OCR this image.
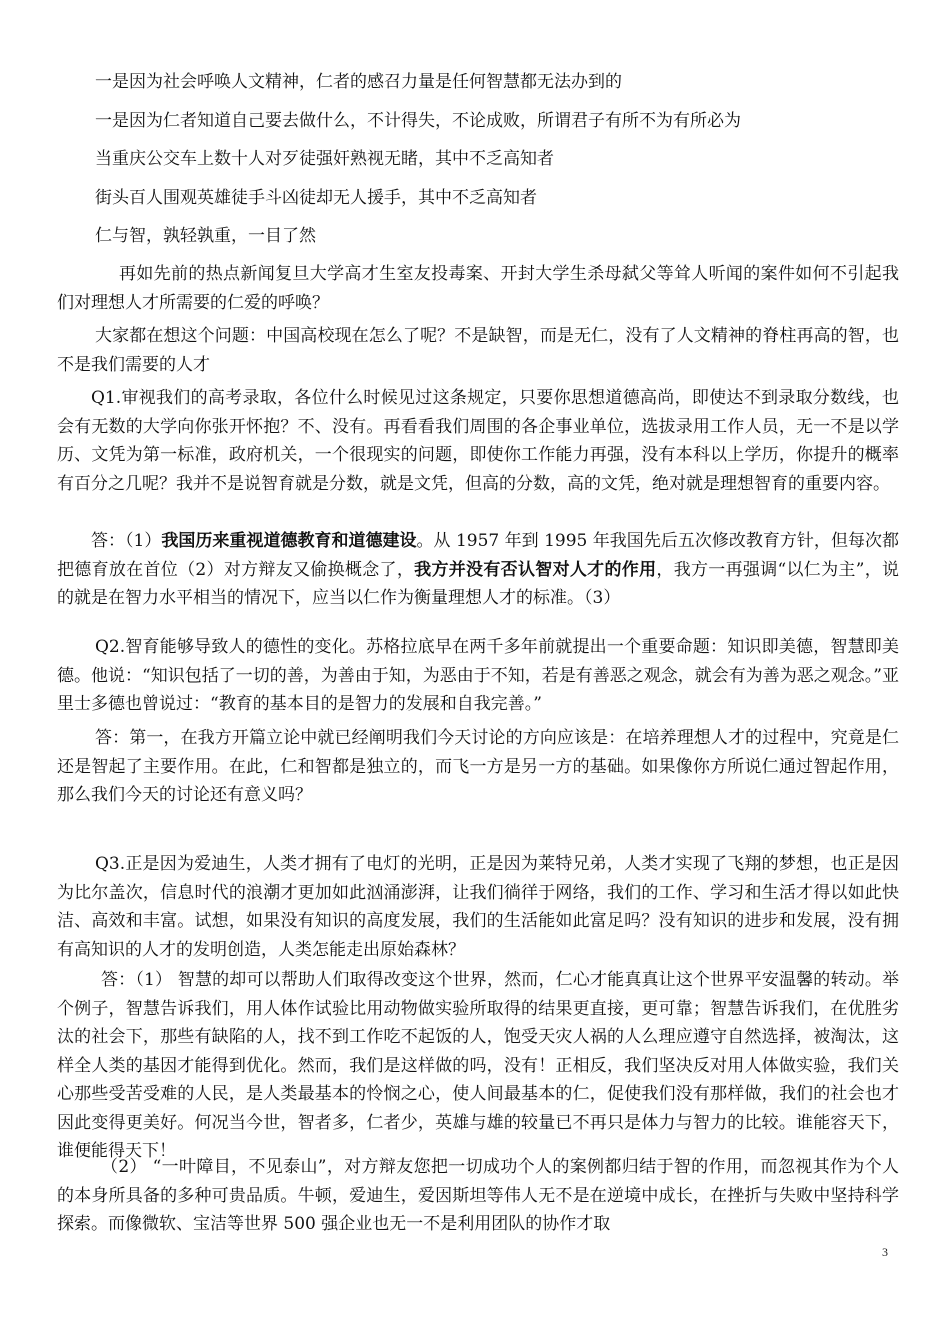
一是因为社会呼唤人文精神，仁者的感召力量是任何智慧都无法办到的

一是因为仁者知道自己要去做什么，不计得失，不论成败，所谓君子有所不为有所必为

当重庆公交车上数十人对歹徒强奸熟视无睹，其中不乏高知者

街头百人围观英雄徒手斗凶徒却无人援手，其中不乏高知者

仁与智，孰轻孰重，一目了然

再如先前的热点新闻复旦大学高才生室友投毒案、开封大学生杀母弑父等耸人听闻的案件如何不引起我们对理想人才所需要的仁爱的呼唤？

大家都在想这个问题：中国高校现在怎么了呢？不是缺智，而是无仁，没有了人文精神的脊柱再高的智，也不是我们需要的人才

Q1.审视我们的高考录取，各位什么时候见过这条规定，只要你思想道德高尚，即使达不到录取分数线，也会有无数的大学向你张开怀抱？不、没有。再看看我们周围的各企事业单位，选拔录用工作人员，无一不是以学历、文凭为第一标准，政府机关，一个很现实的问题，即使你工作能力再强，没有本科以上学历，你提升的概率有百分之几呢？我并不是说智育就是分数，就是文凭，但高的分数，高的文凭，绝对就是理想智育的重要内容。

答：（1）我国历来重视道德教育和道德建设。从 1957 年到 1995 年我国先后五次修改教育方针，但每次都把德育放在首位（2）对方辩友又偷换概念了，我方并没有否认智对人才的作用，我方一再强调“以仁为主”，说的就是在智力水平相当的情况下，应当以仁作为衡量理想人才的标准。（3）

Q2.智育能够导致人的德性的变化。苏格拉底早在两千多年前就提出一个重要命题：知识即美德，智慧即美德。他说：“知识包括了一切的善，为善由于知，为恶由于不知，若是有善恶之观念，就会有为善为恶之观念。”亚里士多德也曾说过：“教育的基本目的是智力的发展和自我完善。”

答：第一，在我方开篇立论中就已经阐明我们今天讨论的方向应该是：在培养理想人才的过程中，究竟是仁还是智起了主要作用。在此，仁和智都是独立的，而飞一方是另一方的基础。如果像你方所说仁通过智起作用，那么我们今天的讨论还有意义吗？

Q3.正是因为爱迪生，人类才拥有了电灯的光明，正是因为莱特兄弟，人类才实现了飞翔的梦想，也正是因为比尔盖次，信息时代的浪潮才更加如此汹涌澎湃，让我们徜徉于网络，我们的工作、学习和生活才得以如此快洁、高效和丰富。试想，如果没有知识的高度发展，我们的生活能如此富足吗？没有知识的进步和发展，没有拥有高知识的人才的发明创造，人类怎能走出原始森林？

答：（1） 智慧的却可以帮助人们取得改变这个世界，然而，仁心才能真真让这个世界平安温馨的转动。举个例子，智慧告诉我们，用人体作试验比用动物做实验所取得的结果更直接，更可靠；智慧告诉我们，在优胜劣汰的社会下，那些有缺陷的人，找不到工作吃不起饭的人，饱受天灾人祸的人么理应遵守自然选择，被淘汰，这样全人类的基因才能得到优化。然而，我们是这样做的吗，没有！正相反，我们坚决反对用人体做实验，我们关心那些受苦受难的人民，是人类最基本的怜悯之心，使人间最基本的仁，促使我们没有那样做，我们的社会也才因此变得更美好。何况当今世，智者多，仁者少，英雄与雄的较量已不再只是体力与智力的比较。谁能容天下，谁便能得天下！

（2） “一叶障目，不见泰山”，对方辩友您把一切成功个人的案例都归结于智的作用，而忽视其作为个人的本身所具备的多种可贵品质。牛顿，爱迪生，爱因斯坦等伟人无不是在逆境中成长，在挫折与失败中坚持科学探索。而像微软、宝洁等世界 500 强企业也无一不是利用团队的协作才取

3
